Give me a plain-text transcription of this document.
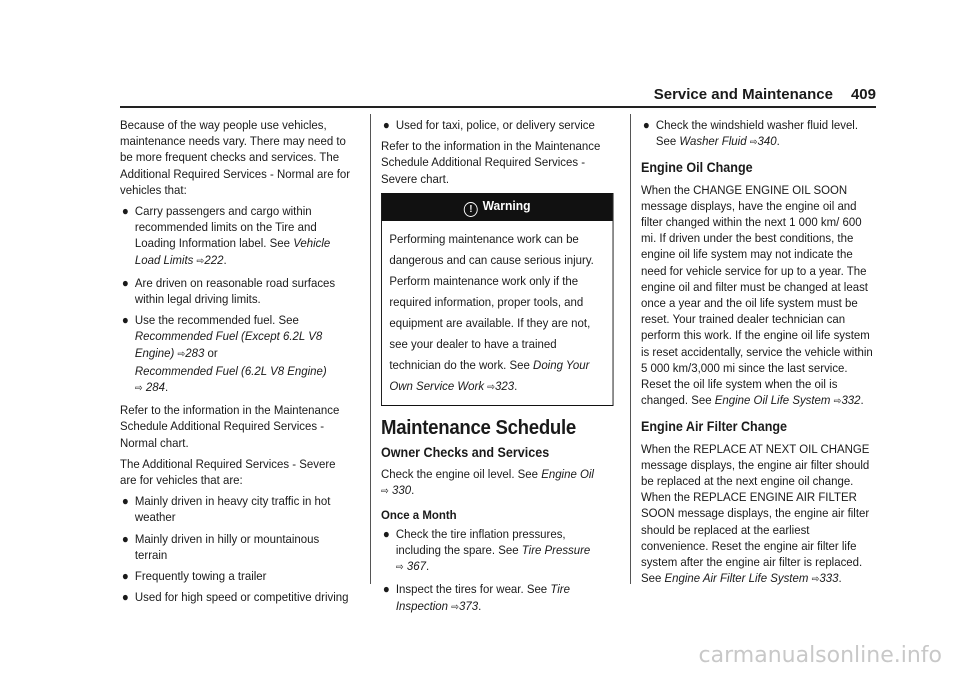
Service and Maintenance 409

Because of the way people use vehicles, maintenance needs vary. There may need to be more frequent checks and services. The Additional Required Services - Normal are for vehicles that:

● Carry passengers and cargo within recommended limits on the Tire and Loading Information label. See Vehicle Load Limits ⇨222.
● Are driven on reasonable road surfaces within legal driving limits.
● Use the recommended fuel. See Recommended Fuel (Except 6.2L V8 Engine) ⇨283 or
Recommended Fuel (6.2L V8 Engine)
⇨ 284.

Refer to the information in the Maintenance Schedule Additional Required Services - Normal chart.

The Additional Required Services - Severe are for vehicles that are:

● Mainly driven in heavy city traffic in hot weather
● Mainly driven in hilly or mountainous terrain
● Frequently towing a trailer
● Used for high speed or competitive driving
● Used for taxi, police, or delivery service

Refer to the information in the Maintenance Schedule Additional Required Services - Severe chart.

! Warning
Performing maintenance work can be dangerous and can cause serious injury. Perform maintenance work only if the required information, proper tools, and equipment are available. If they are not, see your dealer to have a trained technician do the work. See Doing Your Own Service Work ⇨323.
Maintenance Schedule
Owner Checks and Services

Check the engine oil level. See Engine Oil
⇨ 330.

Once a Month
● Check the tire inflation pressures, including the spare. See Tire Pressure
⇨ 367.
● Inspect the tires for wear. See Tire Inspection ⇨373.
● Check the windshield washer fluid level. See Washer Fluid ⇨340.
Engine Oil Change

When the CHANGE ENGINE OIL SOON message displays, have the engine oil and filter changed within the next 1 000 km/ 600 mi. If driven under the best conditions, the engine oil life system may not indicate the need for vehicle service for up to a year. The engine oil and filter must be changed at least once a year and the oil life system must be reset. Your trained dealer technician can perform this work. If the engine oil life system is reset accidentally, service the vehicle within 5 000 km/3,000 mi since the last service. Reset the oil life system when the oil is changed. See Engine Oil Life System ⇨332.

Engine Air Filter Change

When the REPLACE AT NEXT OIL CHANGE message displays, the engine air filter should be replaced at the next engine oil change. When the REPLACE ENGINE AIR FILTER SOON message displays, the engine air filter should be replaced at the earliest convenience. Reset the engine air filter life system after the engine air filter is replaced. See Engine Air Filter Life System ⇨333.

carmanualsonline.info
